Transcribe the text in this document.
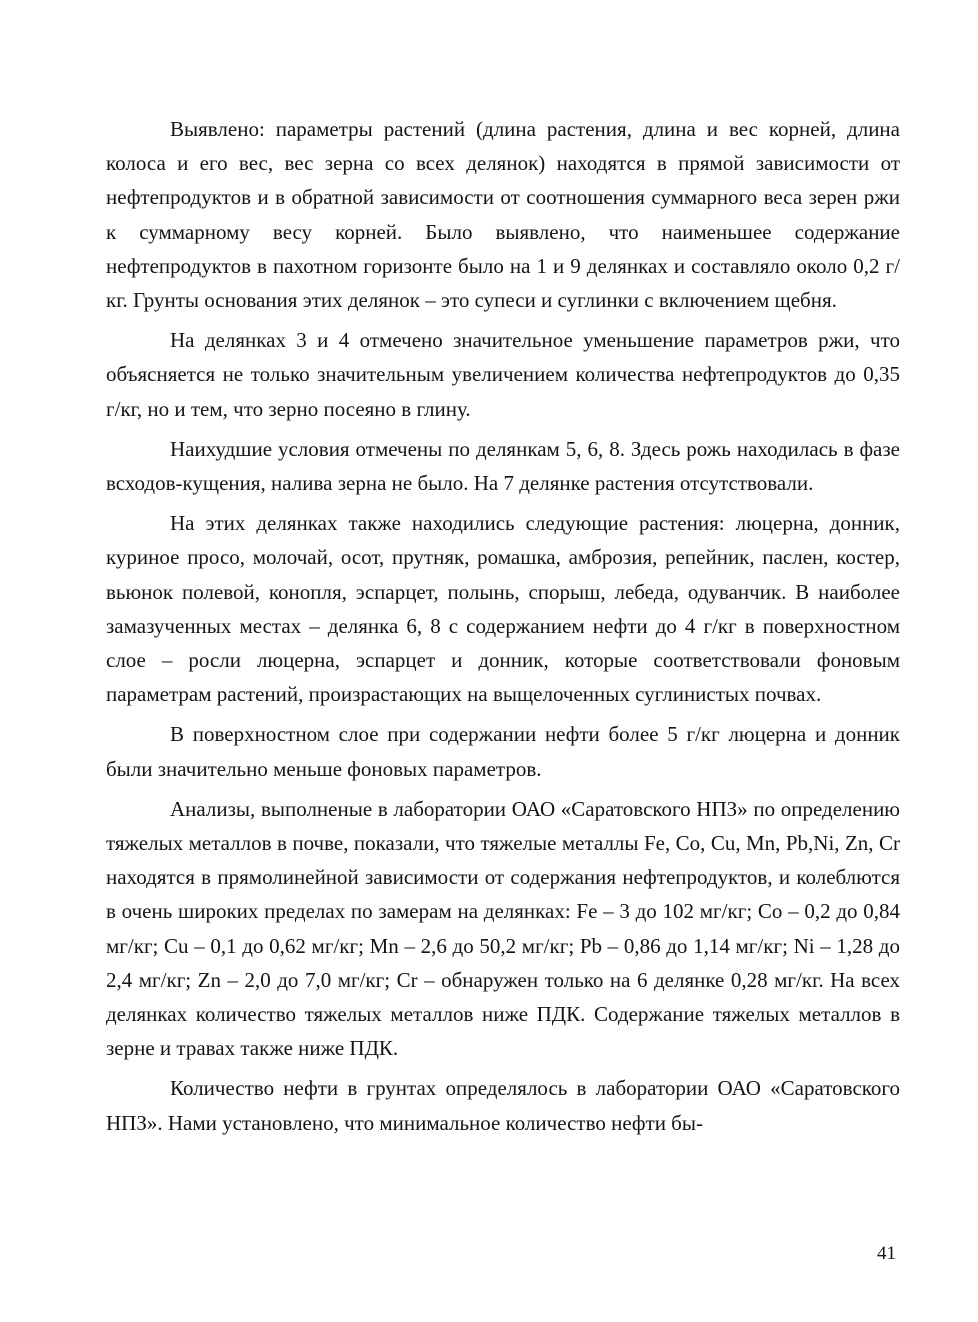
Выявлено: параметры растений (длина растения, длина и вес корней, длина колоса и его вес, вес зерна со всех делянок) находятся в прямой зависимости от нефтепродуктов и в обратной зависимости от соотношения суммарного веса зерен ржи к суммарному весу корней. Было выявлено, что наименьшее содержание нефтепродуктов в пахотном горизонте было на 1 и 9 делянках и составляло около 0,2 г/кг. Грунты основания этих делянок – это супеси и суглинки с включением щебня.

На делянках 3 и 4 отмечено значительное уменьшение параметров ржи, что объясняется не только значительным увеличением количества нефтепродуктов до 0,35 г/кг, но и тем, что зерно посеяно в глину.

Наихудшие условия отмечены по делянкам 5, 6, 8. Здесь рожь находилась в фазе всходов-кущения, налива зерна не было. На 7 делянке растения отсутствовали.

На этих делянках также находились следующие растения: люцерна, донник, куриное просо, молочай, осот, прутняк, ромашка, амброзия, репейник, паслен, костер, вьюнок полевой, конопля, эспарцет, полынь, спорыш, лебеда, одуванчик. В наиболее замазученных местах – делянка 6, 8 с содержанием нефти до 4 г/кг в поверхностном слое – росли люцерна, эспарцет и донник, которые соответствовали фоновым параметрам растений, произрастающих на выщелоченных суглинистых почвах.

В поверхностном слое при содержании нефти более 5 г/кг люцерна и донник были значительно меньше фоновых параметров.

Анализы, выполненые в лаборатории ОАО «Саратовского НПЗ» по определению тяжелых металлов в почве, показали, что тяжелые металлы Fe, Co, Cu, Mn, Pb,Ni, Zn, Cr находятся в прямолинейной зависимости от содержания нефтепродуктов, и колеблются в очень широких пределах по замерам на делянках: Fe – 3 до 102 мг/кг; Co – 0,2 до 0,84 мг/кг; Cu – 0,1 до 0,62 мг/кг; Mn – 2,6 до 50,2 мг/кг; Pb – 0,86 до 1,14 мг/кг; Ni – 1,28 до 2,4 мг/кг; Zn – 2,0 до 7,0 мг/кг; Cr – обнаружен только на 6 делянке 0,28 мг/кг. На всех делянках количество тяжелых металлов ниже ПДК. Содержание тяжелых металлов в зерне и травах также ниже ПДК.

Количество нефти в грунтах определялось в лаборатории ОАО «Саратовского НПЗ». Нами установлено, что минимальное количество нефти бы-

41
